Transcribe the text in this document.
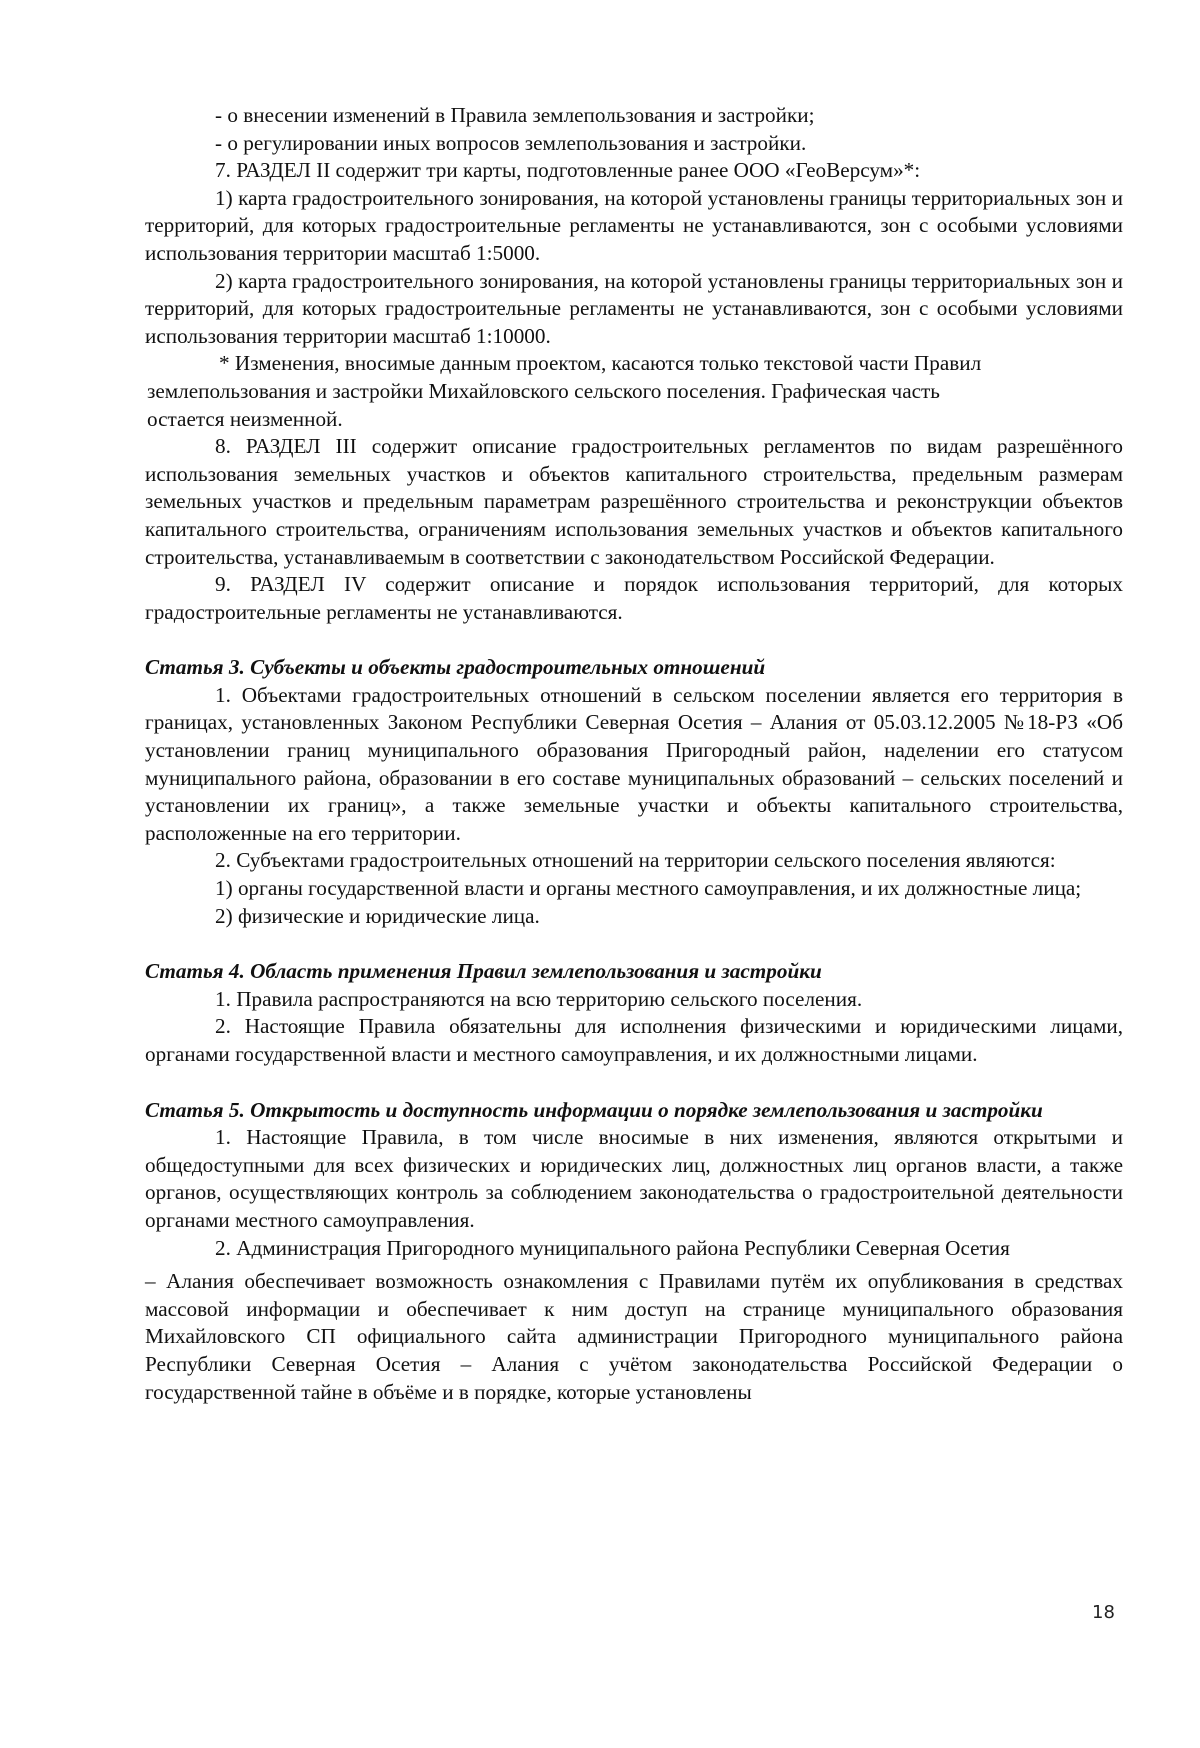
- о внесении изменений в Правила землепользования и застройки;

- о регулировании иных вопросов землепользования и застройки.

7. РАЗДЕЛ II содержит три карты, подготовленные ранее ООО «ГеоВерсум»*:

1) карта градостроительного зонирования, на которой установлены границы территориальных зон и территорий, для которых градостроительные регламенты не устанавливаются, зон с особыми условиями использования территории масштаб 1:5000.

2) карта градостроительного зонирования, на которой установлены границы территориальных зон и территорий, для которых градостроительные регламенты не устанавливаются, зон с особыми условиями использования территории масштаб 1:10000.

* Изменения, вносимые данным проектом, касаются только текстовой части Правил
землепользования и застройки Михайловского сельского поселения. Графическая часть
остается неизменной.

8. РАЗДЕЛ III содержит описание градостроительных регламентов по видам разрешённого использования земельных участков и объектов капитального строительства, предельным размерам земельных участков и предельным параметрам разрешённого строительства и реконструкции объектов капитального строительства, ограничениям использования земельных участков и объектов капитального строительства, устанавливаемым в соответствии с законодательством Российской Федерации.

9. РАЗДЕЛ IV содержит описание и порядок использования территорий, для которых градостроительные регламенты не устанавливаются.

Статья 3. Субъекты и объекты градостроительных отношений

1. Объектами градостроительных отношений в сельском поселении является его территория в границах, установленных Законом Республики Северная Осетия – Алания от 05.03.12.2005 №18-РЗ «Об установлении границ муниципального образования Пригородный район, наделении его статусом муниципального района, образовании в его составе муниципальных образований – сельских поселений и установлении их границ», а также земельные участки и объекты капитального строительства, расположенные на его территории.

2. Субъектами градостроительных отношений на территории сельского поселения являются:

1) органы государственной власти и органы местного самоуправления, и их должностные лица;

2) физические и юридические лица.

Статья 4. Область применения Правил землепользования и застройки

1. Правила распространяются на всю территорию сельского поселения.

2. Настоящие Правила обязательны для исполнения физическими и юридическими лицами, органами государственной власти и местного самоуправления, и их должностными лицами.

Статья 5. Открытость и доступность информации о порядке землепользования и застройки

1. Настоящие Правила, в том числе вносимые в них изменения, являются открытыми и общедоступными для всех физических и юридических лиц, должностных лиц органов власти, а также органов, осуществляющих контроль за соблюдением законодательства о градостроительной деятельности органами местного самоуправления.

2. Администрация Пригородного муниципального района Республики Северная Осетия

– Алания обеспечивает возможность ознакомления с Правилами путём их опубликования в средствах массовой информации и обеспечивает к ним доступ на странице муниципального образования Михайловского СП официального сайта администрации Пригородного муниципального района Республики Северная Осетия – Алания с учётом законодательства Российской Федерации о государственной тайне в объёме и в порядке, которые установлены

18
